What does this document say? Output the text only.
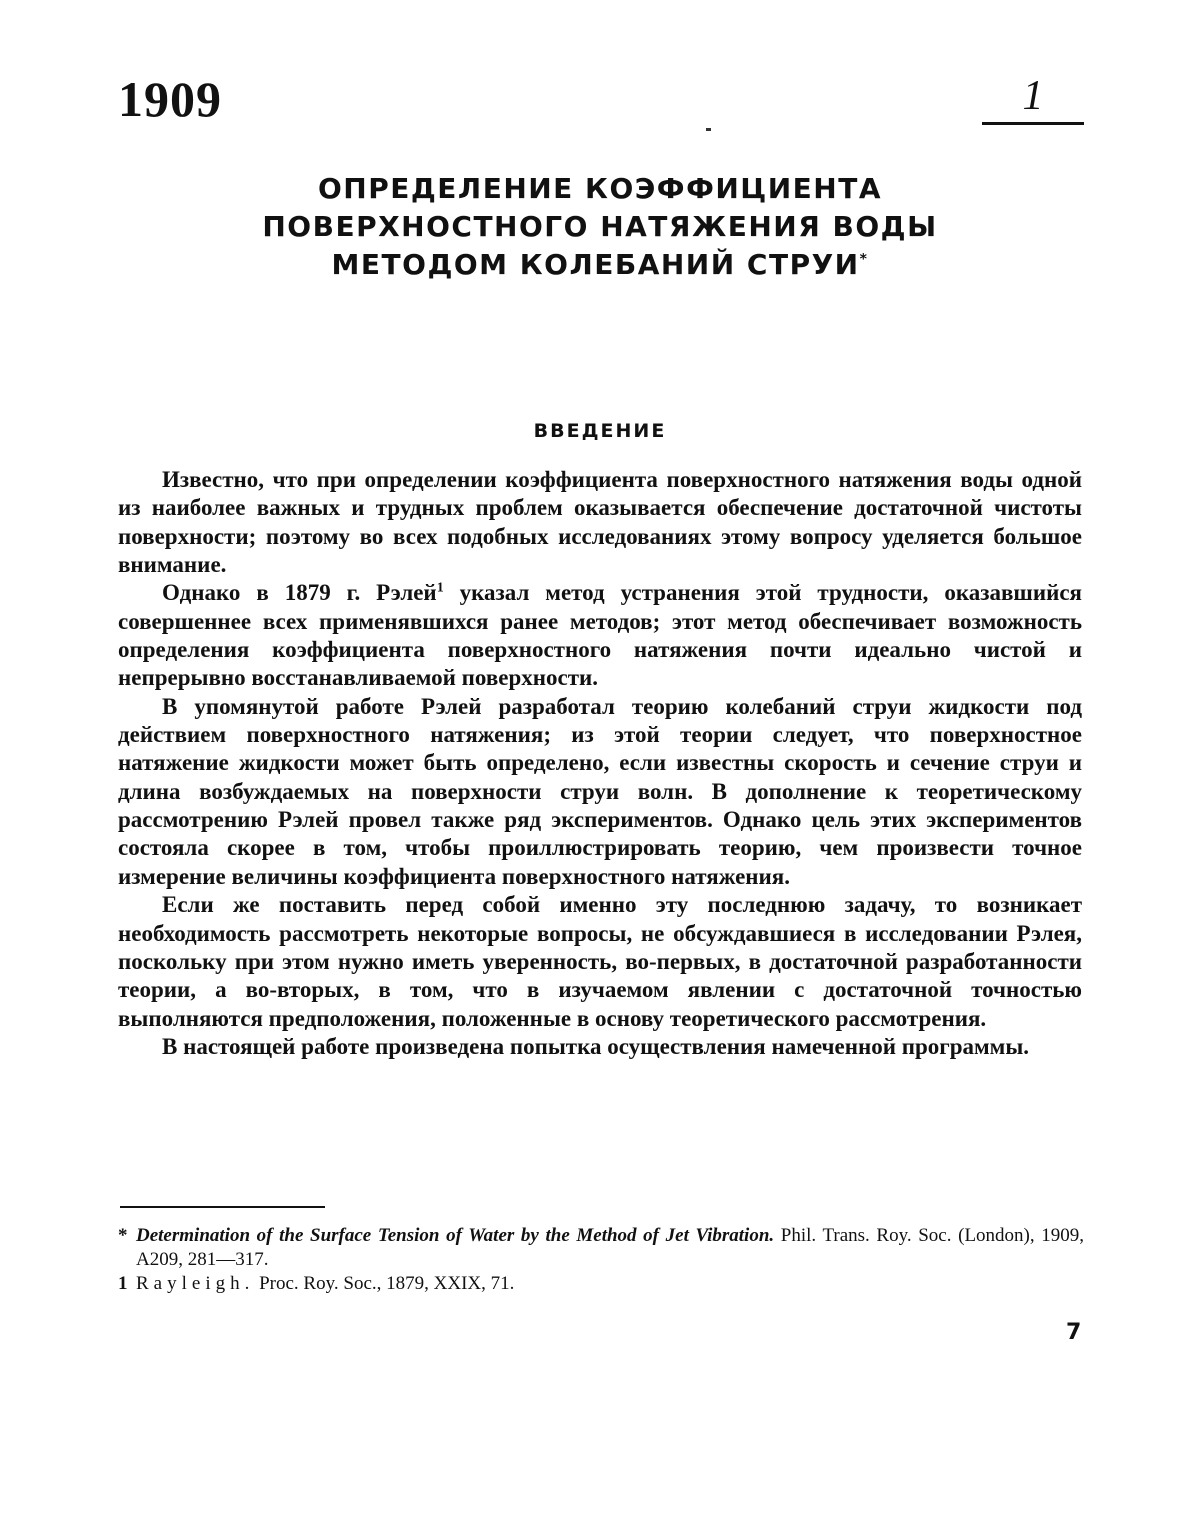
1909	1
ОПРЕДЕЛЕНИЕ КОЭФФИЦИЕНТА
ПОВЕРХНОСТНОГО НАТЯЖЕНИЯ ВОДЫ
МЕТОДОМ КОЛЕБАНИЙ СТРУИ*
ВВЕДЕНИЕ

Известно, что при определении коэффициента поверхностного натяжения воды одной из наиболее важных и трудных проблем оказывается обеспечение достаточной чистоты поверхности; поэтому во всех подобных исследованиях этому вопросу уделяется большое внимание.

Однако в 1879 г. Рэлей$^1$ указал метод устранения этой трудности, оказавшийся совершеннее всех применявшихся ранее методов; этот метод обеспечивает возможность определения коэффициента поверхностного натяжения почти идеально чистой и непрерывно восстанавливаемой поверхности.

В упомянутой работе Рэлей разработал теорию колебаний струи жидкости под действием поверхностного натяжения; из этой теории следует, что поверхностное натяжение жидкости может быть определено, если известны скорость и сечение струи и длина возбуждаемых на поверхности струи волн. В дополнение к теоретическому рассмотрению Рэлей провел также ряд экспериментов. Однако цель этих экспериментов состояла скорее в том, чтобы проиллюстрировать теорию, чем произвести точное измерение величины коэффициента поверхностного натяжения.

Если же поставить перед собой именно эту последнюю задачу, то возникает необходимость рассмотреть некоторые вопросы, не обсуждавшиеся в исследовании Рэлея, поскольку при этом нужно иметь уверенность, во-первых, в достаточной разработанности теории, а во-вторых, в том, что в изучаемом явлении с достаточной точностью выполняются предположения, положенные в основу теоретического рассмотрения.

В настоящей работе произведена попытка осуществления намеченной программы.

* Determination of the Surface Tension of Water by the Method of Jet Vibration. Phil. Trans. Roy. Soc. (London), 1909, A209, 281—317.

1 Rayleigh. Proc. Roy. Soc., 1879, XXIX, 71.

7
